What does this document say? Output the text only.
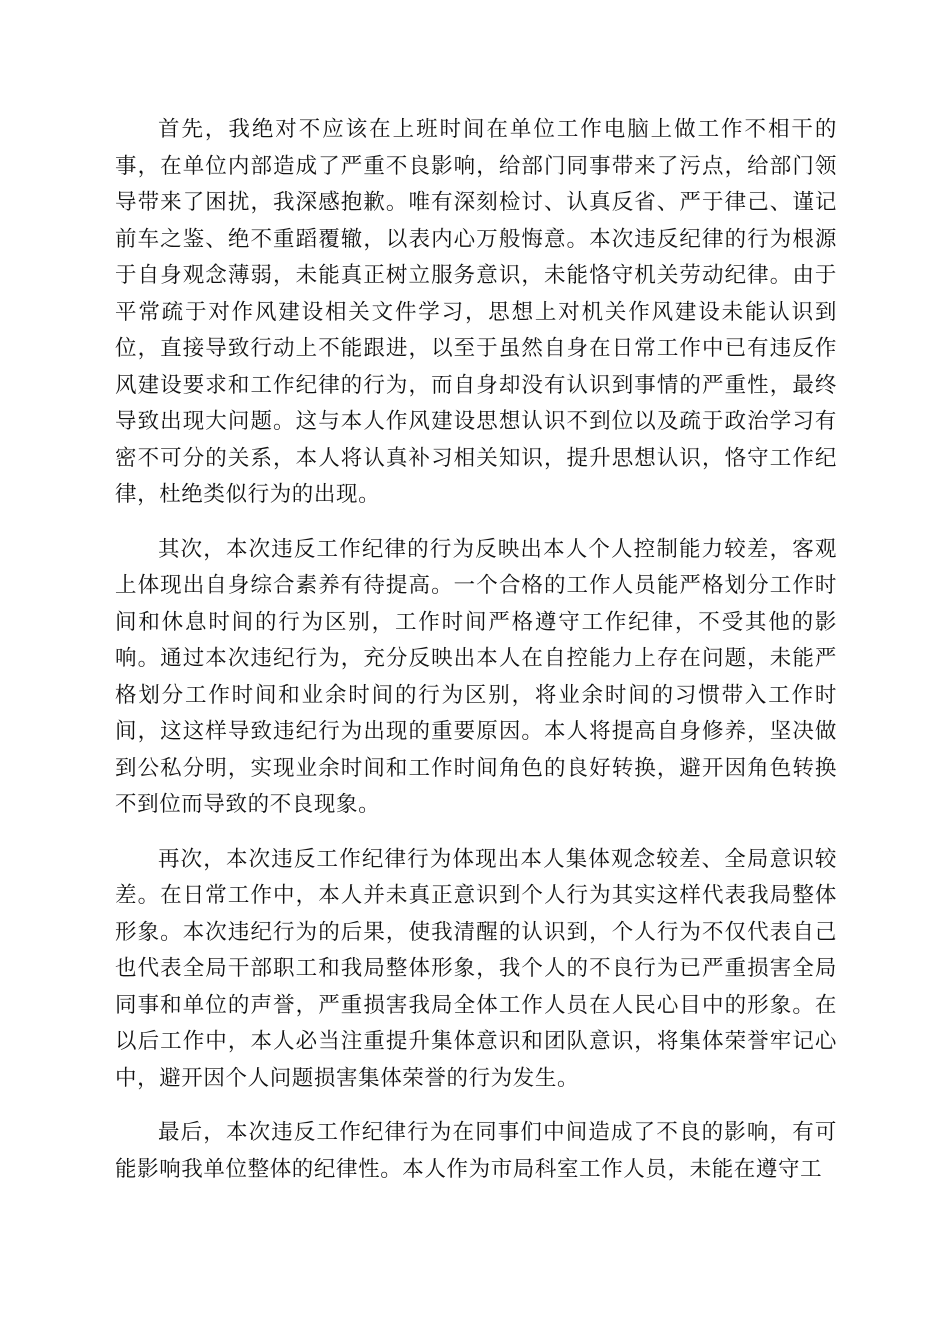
首先，我绝对不应该在上班时间在单位工作电脑上做工作不相干的事，在单位内部造成了严重不良影响，给部门同事带来了污点，给部门领导带来了困扰，我深感抱歉。唯有深刻检讨、认真反省、严于律己、谨记前车之鉴、绝不重蹈覆辙，以表内心万般悔意。本次违反纪律的行为根源于自身观念薄弱，未能真正树立服务意识，未能恪守机关劳动纪律。由于平常疏于对作风建设相关文件学习，思想上对机关作风建设未能认识到位，直接导致行动上不能跟进，以至于虽然自身在日常工作中已有违反作风建设要求和工作纪律的行为，而自身却没有认识到事情的严重性，最终导致出现大问题。这与本人作风建设思想认识不到位以及疏于政治学习有密不可分的关系，本人将认真补习相关知识，提升思想认识，恪守工作纪律，杜绝类似行为的出现。

其次，本次违反工作纪律的行为反映出本人个人控制能力较差，客观上体现出自身综合素养有待提高。一个合格的工作人员能严格划分工作时间和休息时间的行为区别，工作时间严格遵守工作纪律，不受其他的影响。通过本次违纪行为，充分反映出本人在自控能力上存在问题，未能严格划分工作时间和业余时间的行为区别，将业余时间的习惯带入工作时间，这这样导致违纪行为出现的重要原因。本人将提高自身修养，坚决做到公私分明，实现业余时间和工作时间角色的良好转换，避开因角色转换不到位而导致的不良现象。

再次，本次违反工作纪律行为体现出本人集体观念较差、全局意识较差。在日常工作中，本人并未真正意识到个人行为其实这样代表我局整体形象。本次违纪行为的后果，使我清醒的认识到，个人行为不仅代表自己也代表全局干部职工和我局整体形象，我个人的不良行为已严重损害全局同事和单位的声誉，严重损害我局全体工作人员在人民心目中的形象。在以后工作中，本人必当注重提升集体意识和团队意识，将集体荣誉牢记心中，避开因个人问题损害集体荣誉的行为发生。

最后，本次违反工作纪律行为在同事们中间造成了不良的影响，有可能影响我单位整体的纪律性。本人作为市局科室工作人员，未能在遵守工
